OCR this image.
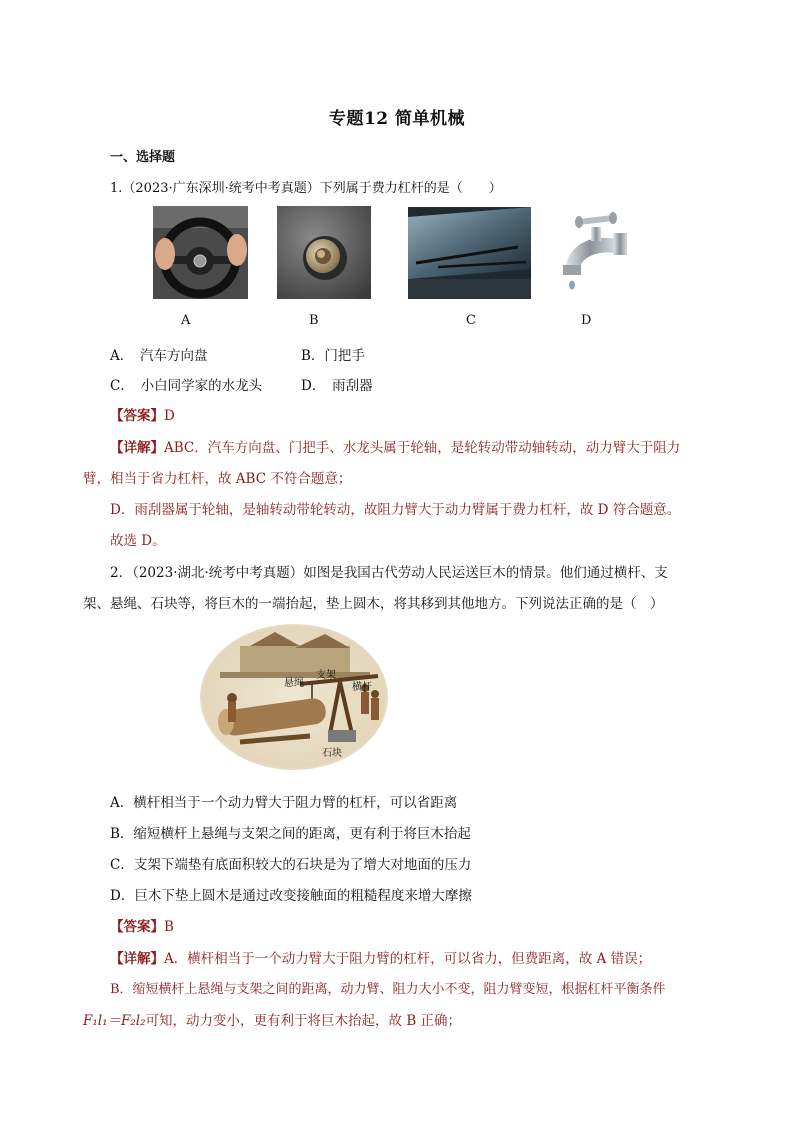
专题12 简单机械
一、选择题
1.（2023·广东深圳·统考中考真题）下列属于费力杠杆的是（　　）
A	B	C	D
A．　汽车方向盘	B．门把手
C．　小白同学家的水龙头	D．　雨刮器
【答案】D
【详解】ABC．汽车方向盘、门把手、水龙头属于轮轴，是轮转动带动轴转动，动力臂大于阻力
臂，相当于省力杠杆，故 ABC 不符合题意；
D．雨刮器属于轮轴，是轴转动带轮转动，故阻力臂大于动力臂属于费力杠杆，故 D 符合题意。
故选 D。
2．（2023·湖北·统考中考真题）如图是我国古代劳动人民运送巨木的情景。他们通过横杆、支
架、悬绳、石块等，将巨木的一端抬起，垫上圆木，将其移到其他地方。下列说法正确的是（　）
悬绳
支架
横杆
石块
A．横杆相当于一个动力臂大于阻力臂的杠杆，可以省距离
B．缩短横杆上悬绳与支架之间的距离，更有利于将巨木抬起
C．支架下端垫有底面积较大的石块是为了增大对地面的压力
D．巨木下垫上圆木是通过改变接触面的粗糙程度来增大摩擦
【答案】B
【详解】A．横杆相当于一个动力臂大于阻力臂的杠杆，可以省力，但费距离，故 A 错误；
B．缩短横杆上悬绳与支架之间的距离，动力臂、阻力大小不变，阻力臂变短，根据杠杆平衡条件
F₁l₁＝F₂l₂可知，动力变小，更有利于将巨木抬起，故 B 正确；
